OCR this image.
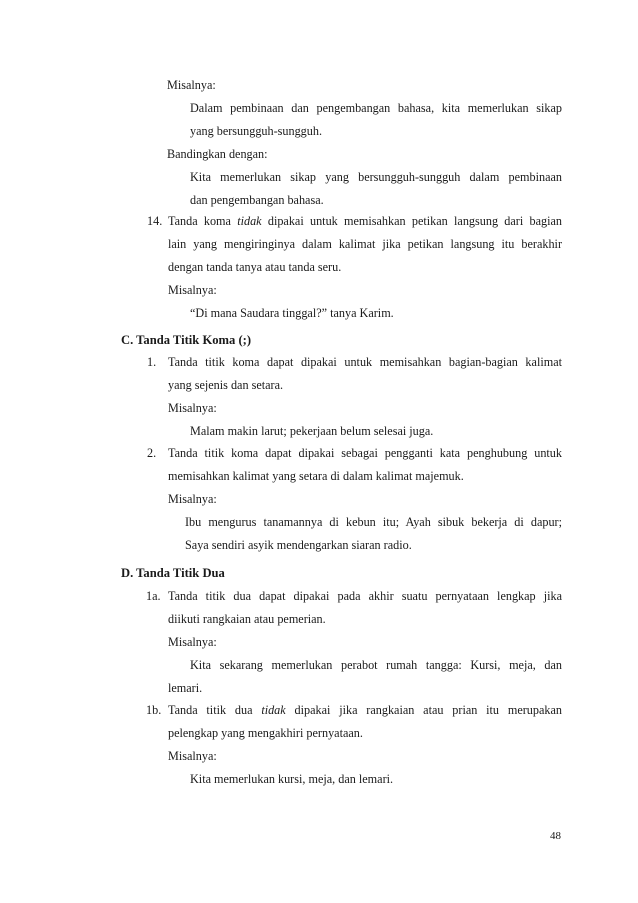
Misalnya:
Dalam pembinaan dan pengembangan bahasa, kita memerlukan sikap
yang bersungguh-sungguh.
Bandingkan dengan:
Kita memerlukan sikap yang bersungguh-sungguh dalam pembinaan
dan pengembangan bahasa.
14. Tanda koma tidak dipakai untuk memisahkan petikan langsung dari bagian
lain yang mengiringinya dalam kalimat jika petikan langsung itu berakhir
dengan tanda tanya atau tanda seru.
Misalnya:
“Di mana Saudara tinggal?” tanya Karim.
C. Tanda Titik Koma (;)
1. Tanda titik koma dapat dipakai untuk memisahkan bagian-bagian kalimat
yang sejenis dan setara.
Misalnya:
Malam makin larut; pekerjaan belum selesai juga.
2. Tanda titik koma dapat dipakai sebagai pengganti kata penghubung untuk
memisahkan kalimat yang setara di dalam kalimat majemuk.
Misalnya:
Ibu mengurus tanamannya di kebun itu; Ayah sibuk bekerja di dapur;
Saya sendiri asyik mendengarkan siaran radio.
D. Tanda Titik Dua
1a. Tanda titik dua dapat dipakai pada akhir suatu pernyataan lengkap jika
diikuti rangkaian atau pemerian.
Misalnya:
Kita sekarang memerlukan perabot rumah tangga: Kursi, meja, dan
lemari.
1b. Tanda titik dua tidak dipakai jika rangkaian atau prian itu merupakan
pelengkap yang mengakhiri pernyataan.
Misalnya:
Kita memerlukan kursi, meja, dan lemari.
48
